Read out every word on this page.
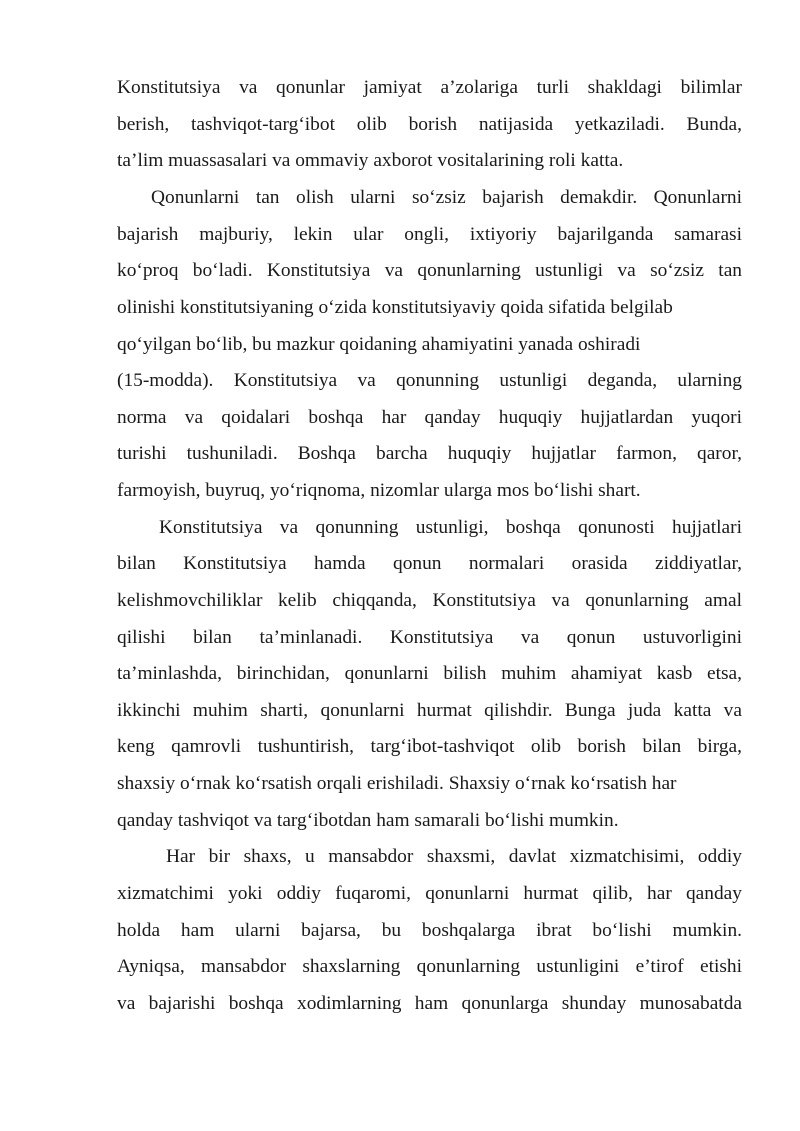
Konstitutsiya va qonunlar jamiyat a’zolariga turli shakldagi bilimlar
berish, tashviqot-targ‘ibot olib borish natijasida yetkaziladi. Bunda,
ta’lim muassasalari va ommaviy axborot vositalarining roli katta.
Qonunlarni tan olish ularni so‘zsiz bajarish demakdir. Qonunlarni
bajarish majburiy, lekin ular ongli, ixtiyoriy bajarilganda samarasi
ko‘proq bo‘ladi. Konstitutsiya va qonunlarning ustunligi va so‘zsiz tan
olinishi konstitutsiyaning o‘zida konstitutsiyaviy qoida sifatida belgilab
qo‘yilgan bo‘lib, bu mazkur qoidaning ahamiyatini yanada oshiradi
(15-modda). Konstitutsiya va qonunning ustunligi deganda, ularning
norma va qoidalari boshqa har qanday huquqiy hujjatlardan yuqori
turishi tushuniladi. Boshqa barcha huquqiy hujjatlar farmon, qaror,
farmoyish, buyruq, yo‘riqnoma, nizomlar ularga mos bo‘lishi shart.
Konstitutsiya va qonunning ustunligi, boshqa qonunosti hujjatlari
bilan Konstitutsiya hamda qonun normalari orasida ziddiyatlar,
kelishmovchiliklar kelib chiqqanda, Konstitutsiya va qonunlarning amal
qilishi bilan ta’minlanadi. Konstitutsiya va qonun ustuvorligini
ta’minlashda, birinchidan, qonunlarni bilish muhim ahamiyat kasb etsa,
ikkinchi muhim sharti, qonunlarni hurmat qilishdir. Bunga juda katta va
keng qamrovli tushuntirish, targ‘ibot-tashviqot olib borish bilan birga,
shaxsiy o‘rnak ko‘rsatish orqali erishiladi. Shaxsiy o‘rnak ko‘rsatish har
qanday tashviqot va targ‘ibotdan ham samarali bo‘lishi mumkin.
Har bir shaxs, u mansabdor shaxsmi, davlat xizmatchisimi, oddiy
xizmatchimi yoki oddiy fuqaromi, qonunlarni hurmat qilib, har qanday
holda ham ularni bajarsa, bu boshqalarga ibrat bo‘lishi mumkin.
Ayniqsa, mansabdor shaxslarning qonunlarning ustunligini e’tirof etishi
va bajarishi boshqa xodimlarning ham qonunlarga shunday munosabatda
